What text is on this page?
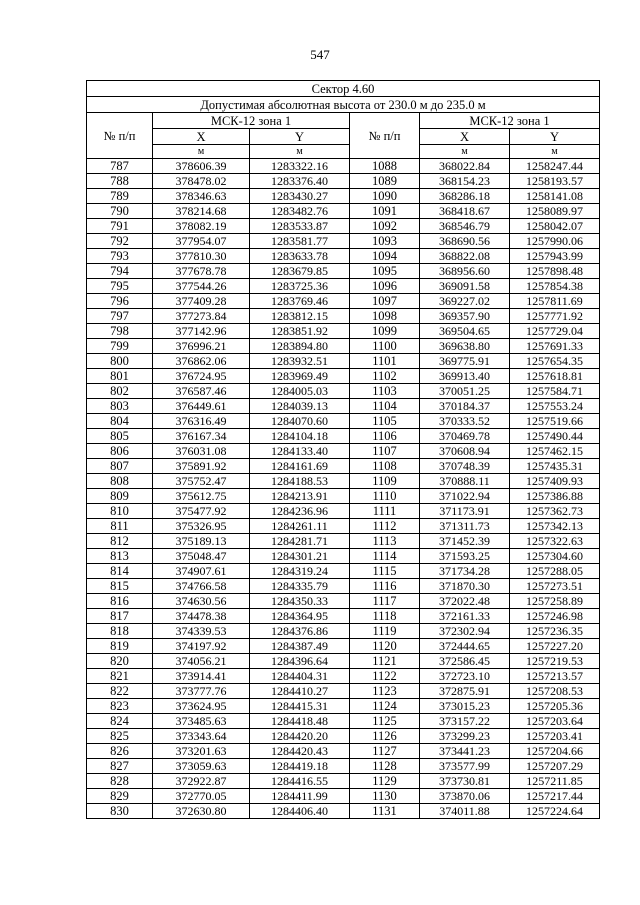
547
Сектор 4.60					
Допустимая абсолютная высота от 230.0 м до 235.0 м					
№ п/п	МСК-12 зона 1		№ п/п	МСК-12 зона 1	
	X	Y		X	Y
	м	м		м	м
787	378606.39	1283322.16	1088	368022.84	1258247.44
788	378478.02	1283376.40	1089	368154.23	1258193.57
789	378346.63	1283430.27	1090	368286.18	1258141.08
790	378214.68	1283482.76	1091	368418.67	1258089.97
791	378082.19	1283533.87	1092	368546.79	1258042.07
792	377954.07	1283581.77	1093	368690.56	1257990.06
793	377810.30	1283633.78	1094	368822.08	1257943.99
794	377678.78	1283679.85	1095	368956.60	1257898.48
795	377544.26	1283725.36	1096	369091.58	1257854.38
796	377409.28	1283769.46	1097	369227.02	1257811.69
797	377273.84	1283812.15	1098	369357.90	1257771.92
798	377142.96	1283851.92	1099	369504.65	1257729.04
799	376996.21	1283894.80	1100	369638.80	1257691.33
800	376862.06	1283932.51	1101	369775.91	1257654.35
801	376724.95	1283969.49	1102	369913.40	1257618.81
802	376587.46	1284005.03	1103	370051.25	1257584.71
803	376449.61	1284039.13	1104	370184.37	1257553.24
804	376316.49	1284070.60	1105	370333.52	1257519.66
805	376167.34	1284104.18	1106	370469.78	1257490.44
806	376031.08	1284133.40	1107	370608.94	1257462.15
807	375891.92	1284161.69	1108	370748.39	1257435.31
808	375752.47	1284188.53	1109	370888.11	1257409.93
809	375612.75	1284213.91	1110	371022.94	1257386.88
810	375477.92	1284236.96	1111	371173.91	1257362.73
811	375326.95	1284261.11	1112	371311.73	1257342.13
812	375189.13	1284281.71	1113	371452.39	1257322.63
813	375048.47	1284301.21	1114	371593.25	1257304.60
814	374907.61	1284319.24	1115	371734.28	1257288.05
815	374766.58	1284335.79	1116	371870.30	1257273.51
816	374630.56	1284350.33	1117	372022.48	1257258.89
817	374478.38	1284364.95	1118	372161.33	1257246.98
818	374339.53	1284376.86	1119	372302.94	1257236.35
819	374197.92	1284387.49	1120	372444.65	1257227.20
820	374056.21	1284396.64	1121	372586.45	1257219.53
821	373914.41	1284404.31	1122	372723.10	1257213.57
822	373777.76	1284410.27	1123	372875.91	1257208.53
823	373624.95	1284415.31	1124	373015.23	1257205.36
824	373485.63	1284418.48	1125	373157.22	1257203.64
825	373343.64	1284420.20	1126	373299.23	1257203.41
826	373201.63	1284420.43	1127	373441.23	1257204.66
827	373059.63	1284419.18	1128	373577.99	1257207.29
828	372922.87	1284416.55	1129	373730.81	1257211.85
829	372770.05	1284411.99	1130	373870.06	1257217.44
830	372630.80	1284406.40	1131	374011.88	1257224.64
